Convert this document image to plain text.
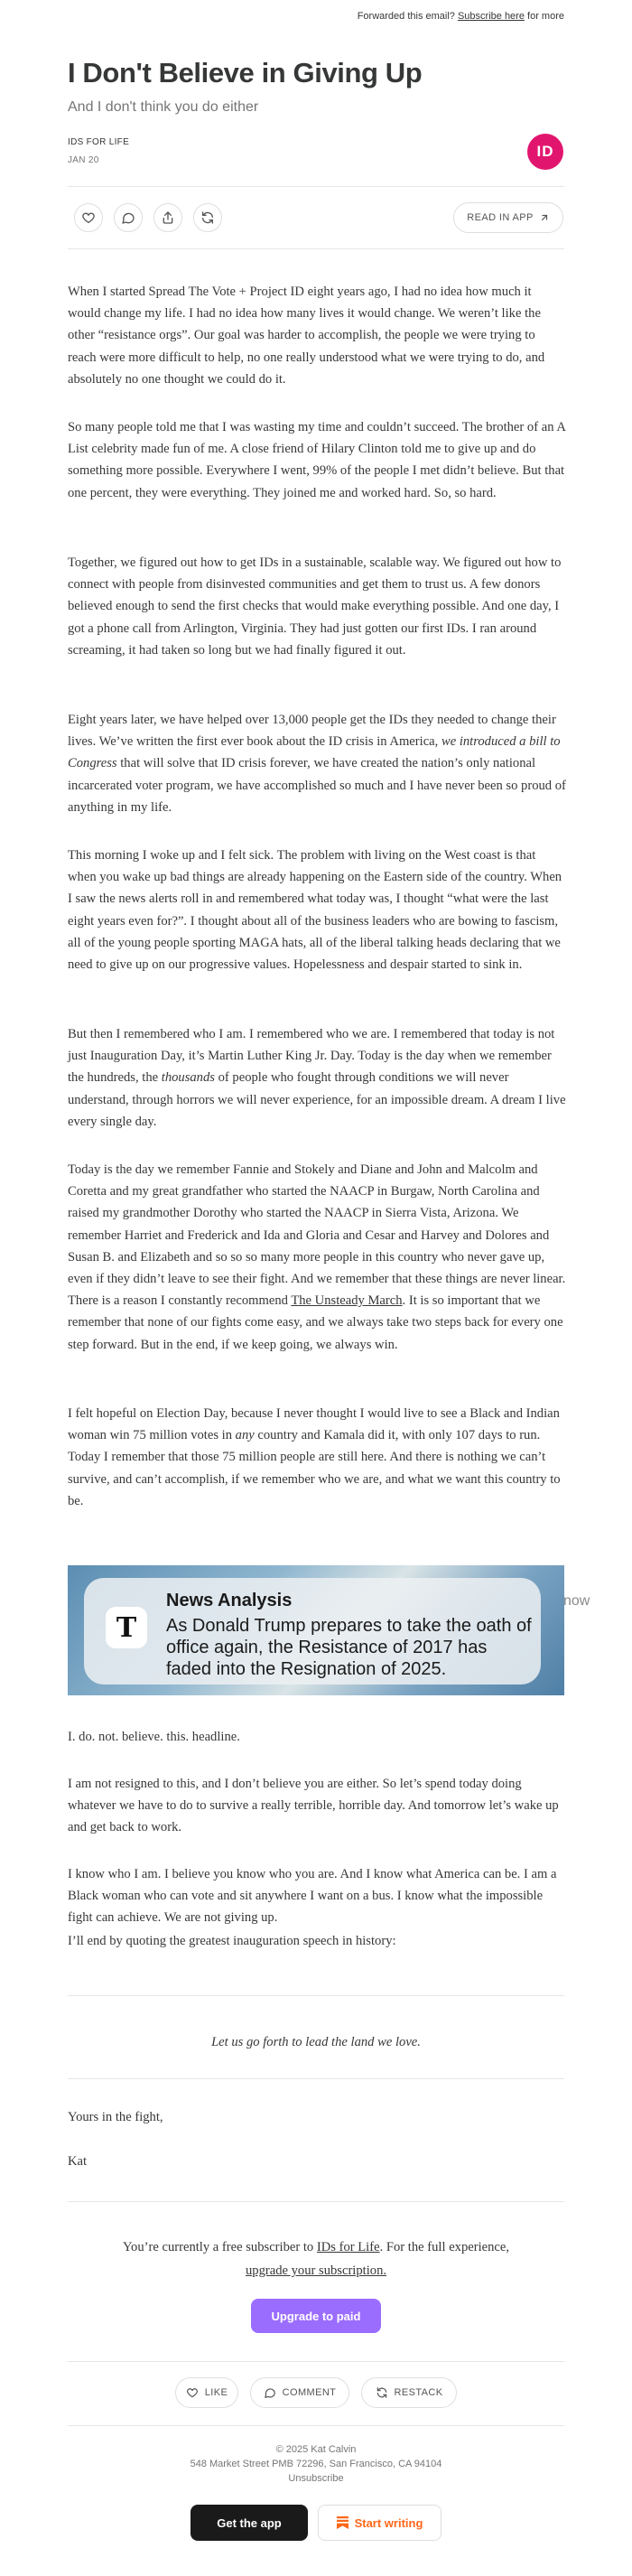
Forwarded this email? Subscribe here for more
I Don't Believe in Giving Up
And I don't think you do either
IDS FOR LIFE
JAN 20
ID
READ IN APP

When I started Spread The Vote + Project ID eight years ago, I had no idea how much it would change my life. I had no idea how many lives it would change. We weren’t like the other “resistance orgs”. Our goal was harder to accomplish, the people we were trying to reach were more difficult to help, no one really understood what we were trying to do, and absolutely no one thought we could do it.

So many people told me that I was wasting my time and couldn’t succeed. The brother of an A List celebrity made fun of me. A close friend of Hilary Clinton told me to give up and do something more possible. Everywhere I went, 99% of the people I met didn’t believe. But that one percent, they were everything. They joined me and worked hard. So, so hard.

Together, we figured out how to get IDs in a sustainable, scalable way. We figured out how to connect with people from disinvested communities and get them to trust us. A few donors believed enough to send the first checks that would make everything possible. And one day, I got a phone call from Arlington, Virginia. They had just gotten our first IDs. I ran around screaming, it had taken so long but we had finally figured it out.

Eight years later, we have helped over 13,000 people get the IDs they needed to change their lives. We’ve written the first ever book about the ID crisis in America, we introduced a bill to Congress that will solve that ID crisis forever, we have created the nation’s only national incarcerated voter program, we have accomplished so much and I have never been so proud of anything in my life.

This morning I woke up and I felt sick. The problem with living on the West coast is that when you wake up bad things are already happening on the Eastern side of the country. When I saw the news alerts roll in and remembered what today was, I thought “what were the last eight years even for?”. I thought about all of the business leaders who are bowing to fascism, all of the young people sporting MAGA hats, all of the liberal talking heads declaring that we need to give up on our progressive values. Hopelessness and despair started to sink in.

But then I remembered who I am. I remembered who we are. I remembered that today is not just Inauguration Day, it’s Martin Luther King Jr. Day. Today is the day when we remember the hundreds, the thousands of people who fought through conditions we will never understand, through horrors we will never experience, for an impossible dream. A dream I live every single day.

Today is the day we remember Fannie and Stokely and Diane and John and Malcolm and Coretta and my great grandfather who started the NAACP in Burgaw, North Carolina and raised my grandmother Dorothy who started the NAACP in Sierra Vista, Arizona. We remember Harriet and Frederick and Ida and Gloria and Cesar and Harvey and Dolores and Susan B. and Elizabeth and so so so many more people in this country who never gave up, even if they didn’t leave to see their fight. And we remember that these things are never linear. There is a reason I constantly recommend The Unsteady March. It is so important that we remember that none of our fights come easy, and we always take two steps back for every one step forward. But in the end, if we keep going, we always win.

I felt hopeful on Election Day, because I never thought I would live to see a Black and Indian woman win 75 million votes in any country and Kamala did it, with only 107 days to run. Today I remember that those 75 million people are still here. And there is nothing we can’t survive, and can’t accomplish, if we remember who we are, and what we want this country to be.

T
News Analysis	now
As Donald Trump prepares to take the oath of office again, the Resistance of 2017 has faded into the Resignation of 2025.

I. do. not. believe. this. headline.

I am not resigned to this, and I don’t believe you are either. So let’s spend today doing whatever we have to do to survive a really terrible, horrible day. And tomorrow let’s wake up and get back to work.

I know who I am. I believe you know who you are. And I know what America can be. I am a Black woman who can vote and sit anywhere I want on a bus. I know what the impossible fight can achieve. We are not giving up.

I’ll end by quoting the greatest inauguration speech in history:

Let us go forth to lead the land we love.

Yours in the fight,

Kat

You’re currently a free subscriber to IDs for Life. For the full experience,
upgrade your subscription.
Upgrade to paid
LIKE	COMMENT	RESTACK
© 2025 Kat Calvin
548 Market Street PMB 72296, San Francisco, CA 94104
Unsubscribe
Get the app	Start writing
